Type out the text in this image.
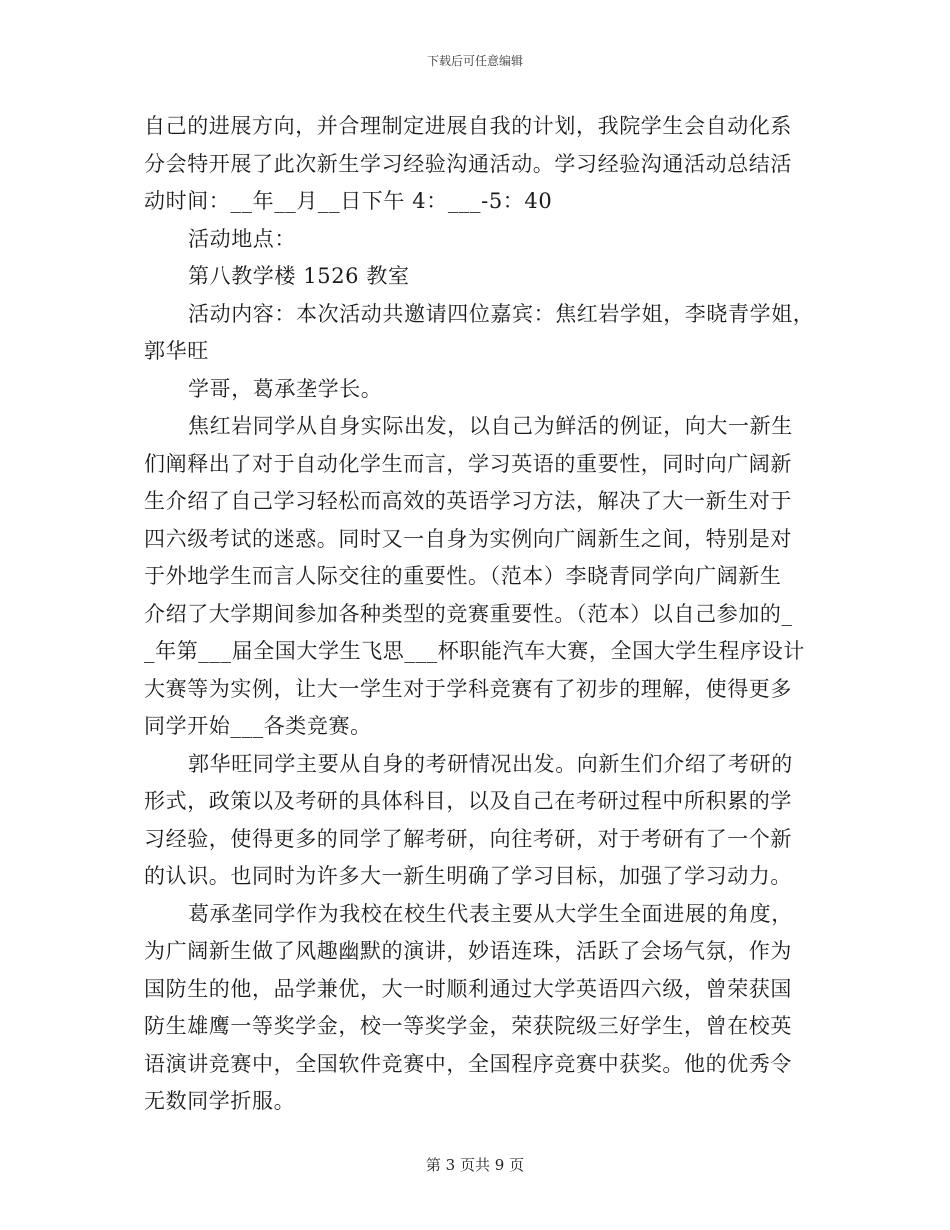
下载后可任意编辑
自己的进展方向，并合理制定进展自我的计划，我院学生会自动化系
分会特开展了此次新生学习经验沟通活动。学习经验沟通活动总结活
动时间：__年__月__日下午 4：___-5：40
活动地点：
第八教学楼 1526 教室
活动内容：本次活动共邀请四位嘉宾：焦红岩学姐，李晓青学姐，
郭华旺
学哥，葛承垄学长。
焦红岩同学从自身实际出发，以自己为鲜活的例证，向大一新生
们阐释出了对于自动化学生而言，学习英语的重要性，同时向广阔新
生介绍了自己学习轻松而高效的英语学习方法，解决了大一新生对于
四六级考试的迷惑。同时又一自身为实例向广阔新生之间，特别是对
于外地学生而言人际交往的重要性。（范本）李晓青同学向广阔新生
介绍了大学期间参加各种类型的竞赛重要性。（范本）以自己参加的_
_年第___届全国大学生飞思___杯职能汽车大赛，全国大学生程序设计
大赛等为实例，让大一学生对于学科竞赛有了初步的理解，使得更多
同学开始___各类竞赛。
郭华旺同学主要从自身的考研情况出发。向新生们介绍了考研的
形式，政策以及考研的具体科目，以及自己在考研过程中所积累的学
习经验，使得更多的同学了解考研，向往考研，对于考研有了一个新
的认识。也同时为许多大一新生明确了学习目标，加强了学习动力。
葛承垄同学作为我校在校生代表主要从大学生全面进展的角度，
为广阔新生做了风趣幽默的演讲，妙语连珠，活跃了会场气氛，作为
国防生的他，品学兼优，大一时顺利通过大学英语四六级，曾荣获国
防生雄鹰一等奖学金，校一等奖学金，荣获院级三好学生，曾在校英
语演讲竞赛中，全国软件竞赛中，全国程序竞赛中获奖。他的优秀令
无数同学折服。
第 3 页共 9 页
